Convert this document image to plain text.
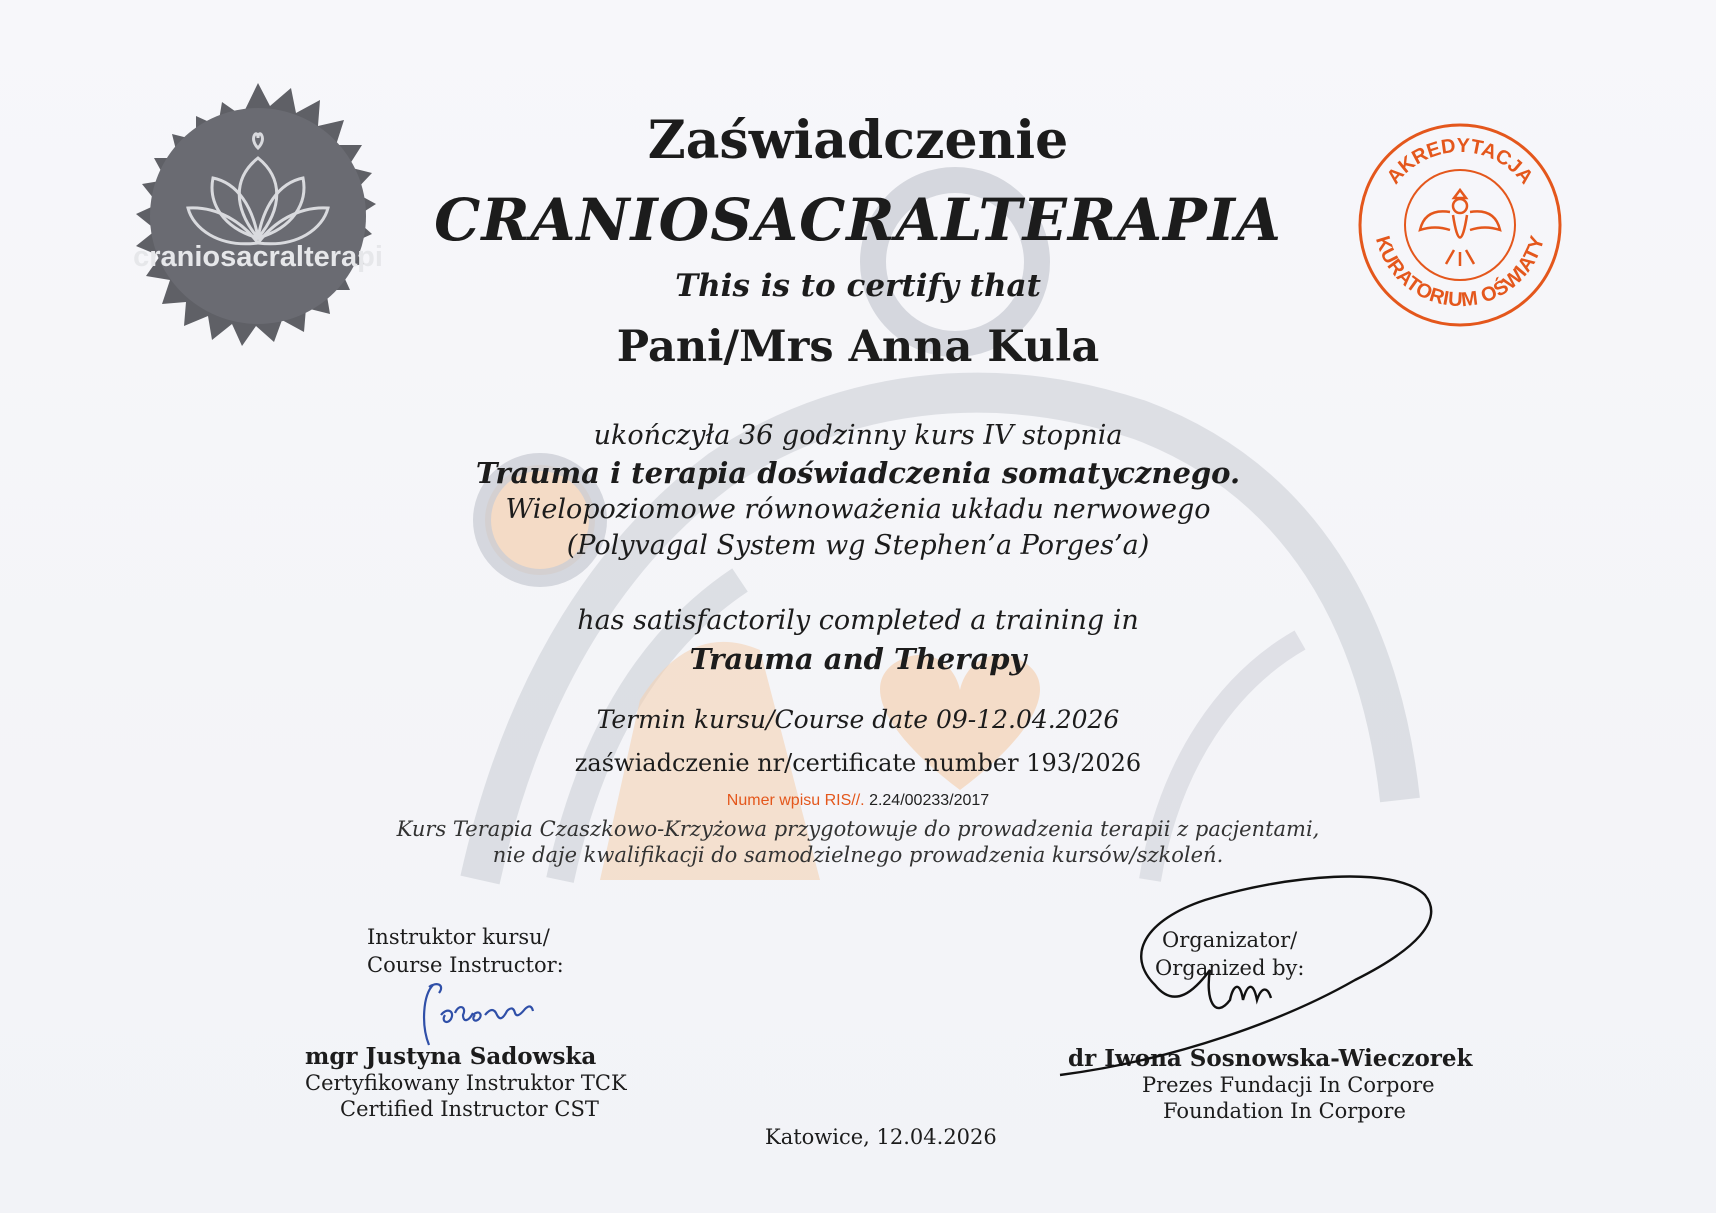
craniosacralterapi
AKREDYTACJA
KURATORIUM OŚWIATY
Zaświadczenie
CRANIOSACRALTERAPIA
This is to certify that
Pani/Mrs Anna Kula
ukończyła 36 godzinny kurs IV stopnia
Trauma i terapia doświadczenia somatycznego.
Wielopoziomowe równoważenia układu nerwowego
(Polyvagal System wg Stephen’a Porges’a)
has satisfactorily completed a training in
Trauma and Therapy
Termin kursu/Course date 09-12.04.2026
zaświadczenie nr/certificate number 193/2026
Numer wpisu RIS//. 2.24/00233/2017
Kurs Terapia Czaszkowo-Krzyżowa przygotowuje do prowadzenia terapii z pacjentami,
nie daje kwalifikacji do samodzielnego prowadzenia kursów/szkoleń.
Instruktor kursu/
Course Instructor:
mgr Justyna Sadowska
Certyfikowany Instruktor TCK
Certified Instructor CST
Katowice, 12.04.2026
Organizator/
Organized by:
dr Iwona Sosnowska-Wieczorek
Prezes Fundacji In Corpore
Foundation In Corpore
